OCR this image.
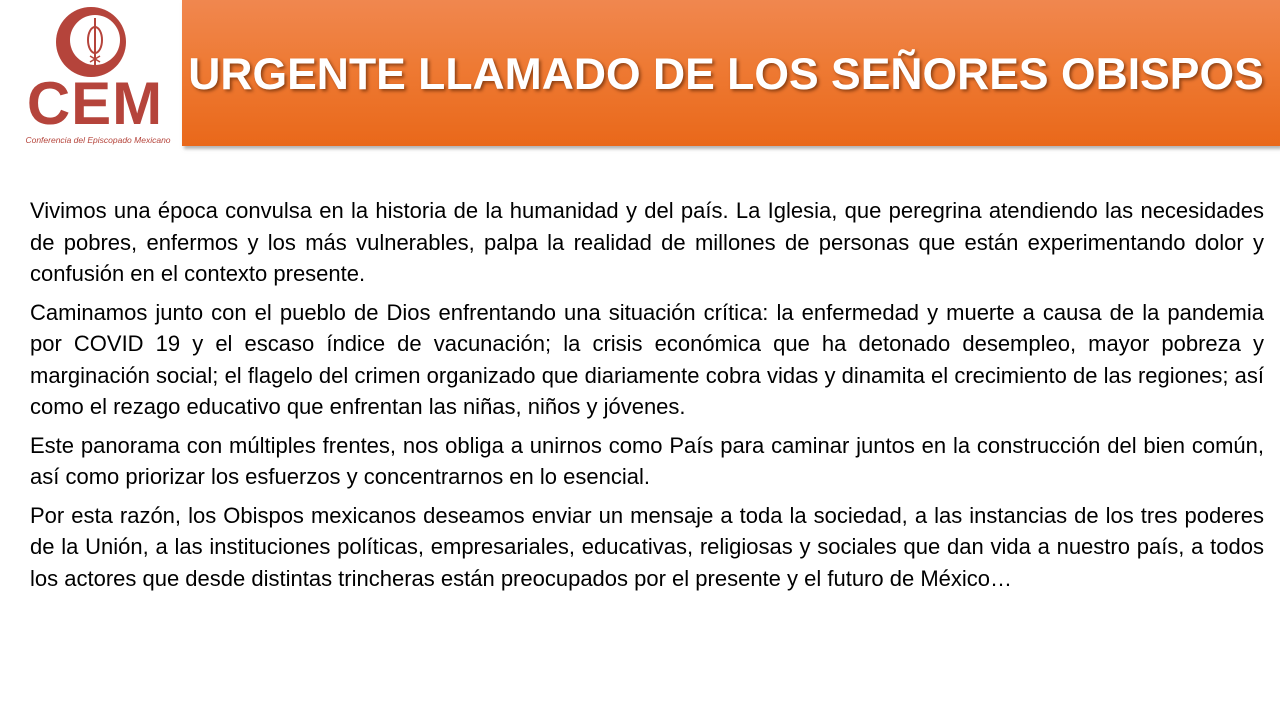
CEM
Conferencia del Episcopado Mexicano
URGENTE LLAMADO DE LOS SEÑORES OBISPOS

Vivimos una época convulsa en la historia de la humanidad y del país. La Iglesia, que peregrina atendiendo las necesidades de pobres, enfermos y los más vulnerables, palpa la realidad de millones de personas que están experimentando dolor y confusión en el contexto presente.

Caminamos junto con el pueblo de Dios enfrentando una situación crítica: la enfermedad y muerte a causa de la pandemia por COVID 19 y el escaso índice de vacunación; la crisis económica que ha detonado desempleo, mayor pobreza y marginación social; el flagelo del crimen organizado que diariamente cobra vidas y dinamita el crecimiento de las regiones; así como el rezago educativo que enfrentan las niñas, niños y jóvenes.

Este panorama con múltiples frentes, nos obliga a unirnos como País para caminar juntos en la construcción del bien común, así como priorizar los esfuerzos y concentrarnos en lo esencial.

Por esta razón, los Obispos mexicanos deseamos enviar un mensaje a toda la sociedad, a las instancias de los tres poderes de la Unión, a las instituciones políticas, empresariales, educativas, religiosas y sociales que dan vida a nuestro país, a todos los actores que desde distintas trincheras están preocupados por el presente y el futuro de México…
